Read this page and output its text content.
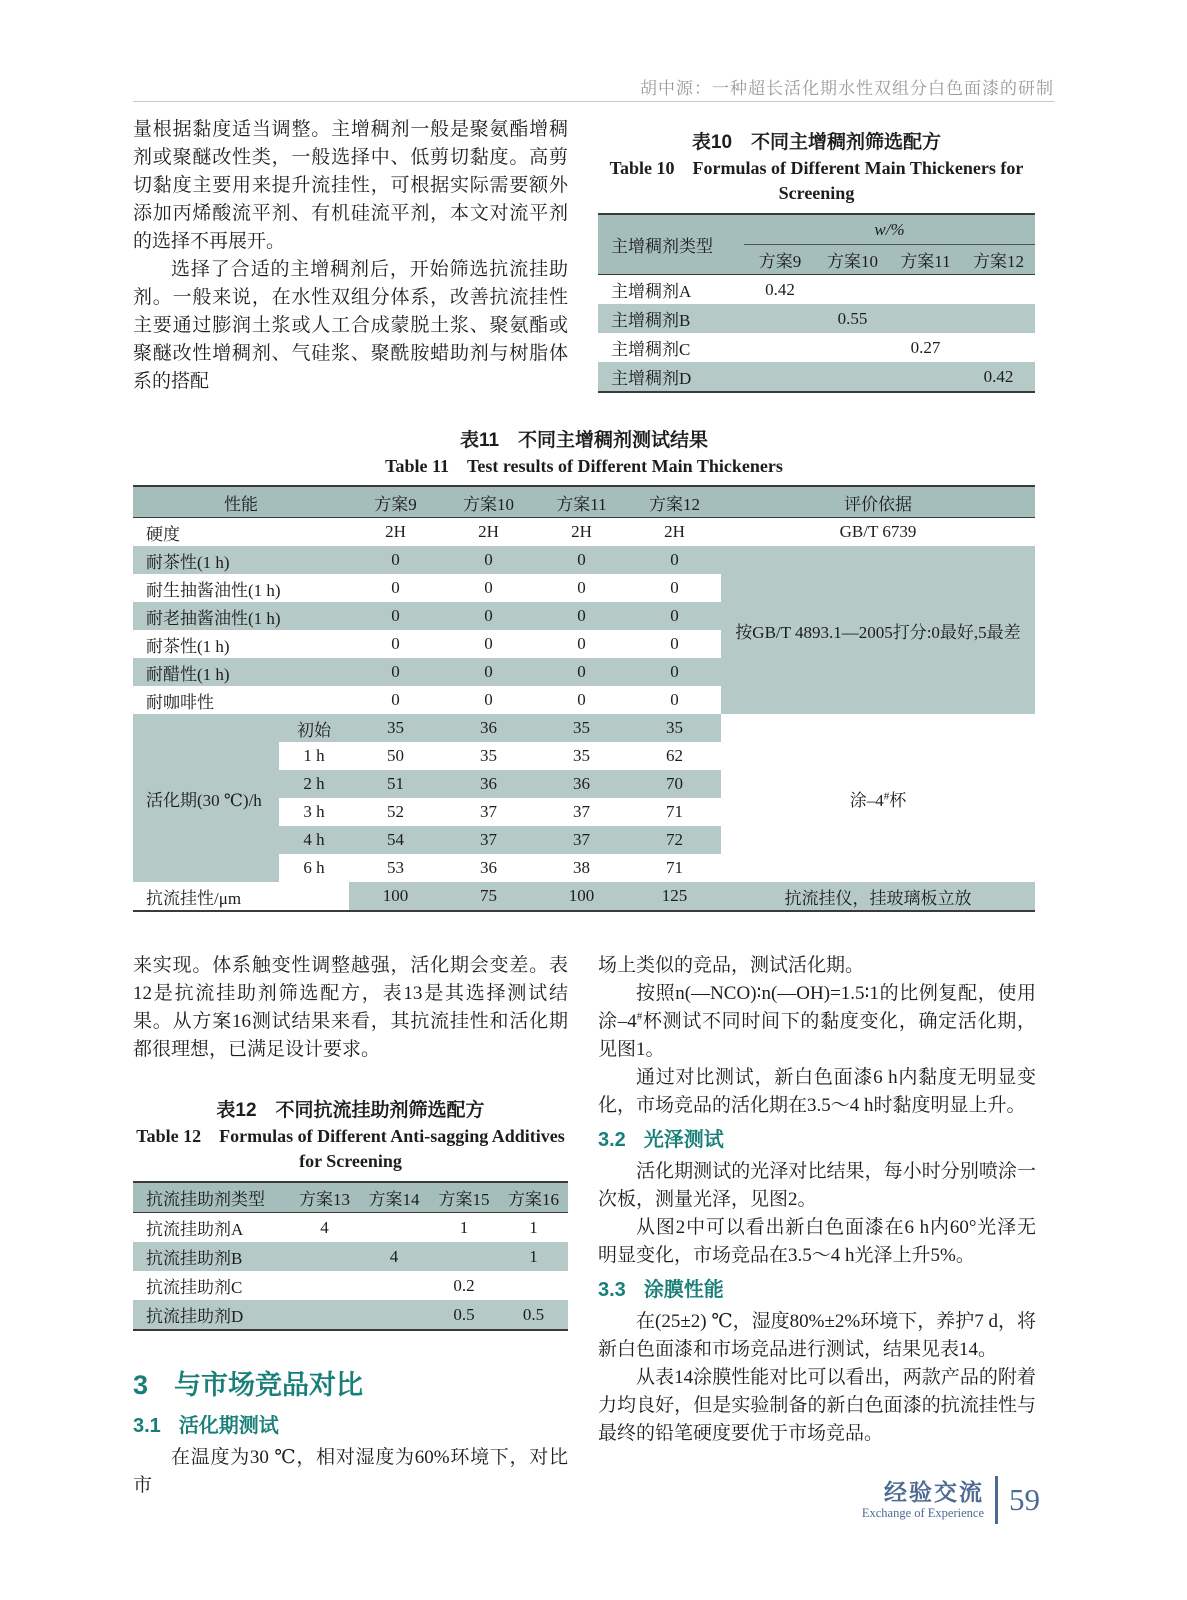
胡中源：一种超长活化期水性双组分白色面漆的研制

量根据黏度适当调整。主增稠剂一般是聚氨酯增稠剂或聚醚改性类，一般选择中、低剪切黏度。高剪切黏度主要用来提升流挂性，可根据实际需要额外添加丙烯酸流平剂、有机硅流平剂，本文对流平剂的选择不再展开。

选择了合适的主增稠剂后，开始筛选抗流挂助剂。一般来说，在水性双组分体系，改善抗流挂性主要通过膨润土浆或人工合成蒙脱土浆、聚氨酯或聚醚改性增稠剂、气硅浆、聚酰胺蜡助剂与树脂体系的搭配

表10　不同主增稠剂筛选配方
Table 10　Formulas of Different Main Thickeners for
Screening
主增稠剂类型	w/%			
	方案9	方案10	方案11	方案12
主增稠剂A	0.42			
主增稠剂B		0.55		
主增稠剂C			0.27	
主增稠剂D				0.42
表11　不同主增稠剂测试结果
Table 11　Test results of Different Main Thickeners
性能		方案9	方案10	方案11	方案12	评价依据
硬度		2H	2H	2H	2H	GB/T 6739
耐茶性(1 h)		0	0	0	0	按GB/T 4893.1—2005打分:0最好,5最差
耐生抽酱油性(1 h)		0	0	0	0	
耐老抽酱油性(1 h)		0	0	0	0	
耐茶性(1 h)		0	0	0	0	
耐醋性(1 h)		0	0	0	0	
耐咖啡性		0	0	0	0	
活化期(30 ℃)/h	初始	35	36	35	35	涂–4#杯
	1 h	50	35	35	62	
	2 h	51	36	36	70	
	3 h	52	37	37	71	
	4 h	54	37	37	72	
	6 h	53	36	38	71	
抗流挂性/μm		100	75	100	125	抗流挂仪，挂玻璃板立放

来实现。体系触变性调整越强，活化期会变差。表12是抗流挂助剂筛选配方，表13是其选择测试结果。从方案16测试结果来看，其抗流挂性和活化期都很理想，已满足设计要求。

表12　不同抗流挂助剂筛选配方
Table 12　Formulas of Different Anti-sagging Additives
for Screening
抗流挂助剂类型	方案13	方案14	方案15	方案16
抗流挂助剂A	4		1	1
抗流挂助剂B		4		1
抗流挂助剂C			0.2	
抗流挂助剂D			0.5	0.5
3 与市场竞品对比
3.1 活化期测试

在温度为30 ℃，相对湿度为60%环境下，对比市

场上类似的竞品，测试活化期。

按照n(—NCO)∶n(—OH)=1.5∶1的比例复配，使用涂–4#杯测试不同时间下的黏度变化，确定活化期，见图1。

通过对比测试，新白色面漆6 h内黏度无明显变化，市场竞品的活化期在3.5～4 h时黏度明显上升。

3.2 光泽测试

活化期测试的光泽对比结果，每小时分别喷涂一次板，测量光泽，见图2。

从图2中可以看出新白色面漆在6 h内60°光泽无明显变化，市场竞品在3.5～4 h光泽上升5%。

3.3 涂膜性能

在(25±2) ℃，湿度80%±2%环境下，养护7 d，将新白色面漆和市场竞品进行测试，结果见表14。

从表14涂膜性能对比可以看出，两款产品的附着力均良好，但是实验制备的新白色面漆的抗流挂性与最终的铅笔硬度要优于市场竞品。

经验交流
Exchange of Experience 59
